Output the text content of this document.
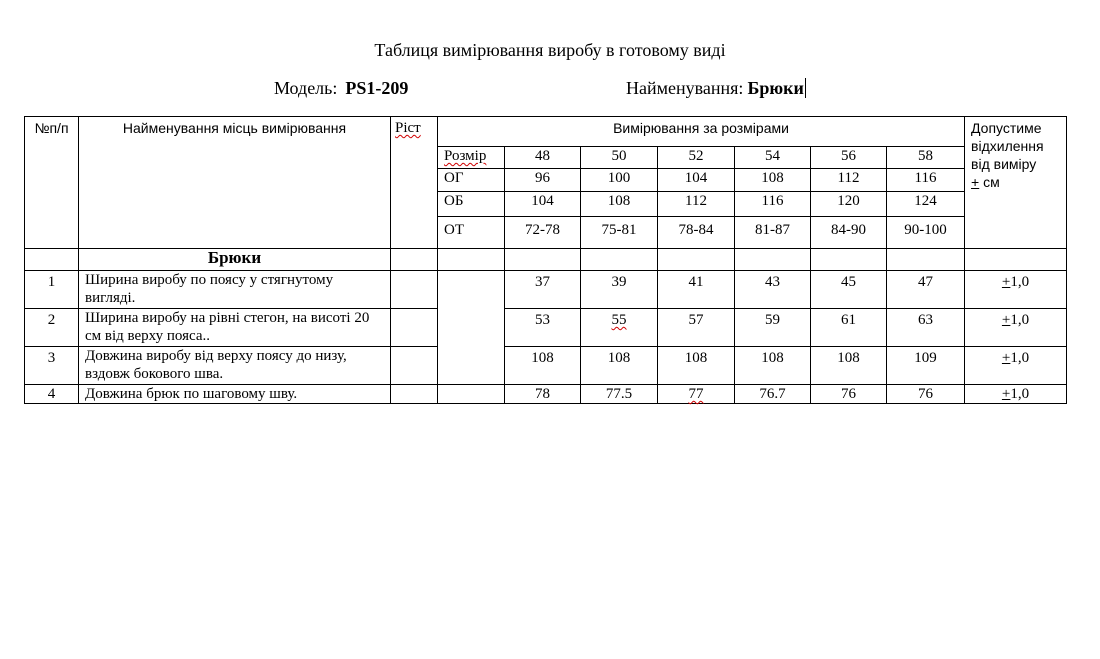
Таблиця вимірювання виробу в готовому виді
Модель: PS1-209	Найменування: Брюки
№п/п	Найменування місць вимірювання	Ріст	Вимірювання за розмірами							Допустиме
відхилення
від виміру
+ см

			Розмір	48	50	52	54	56	58	
			ОГ	96	100	104	108	112	116	
			ОБ	104	108	112	116	120	124	
			ОТ	72-78	75-81	78-84	81-87	84-90	90-100	
	Брюки									
1	Ширина виробу по поясу у стягнутому вигляді.			37	39	41	43	45	47	+1,0
2	Ширина виробу на рівні стегон, на висоті 20 см від верху пояса..			53	55	57	59	61	63	+1,0
3	Довжина виробу від верху поясу до низу, вздовж бокового шва.			108	108	108	108	108	109	+1,0
4	Довжина брюк по шаговому шву.			78	77.5	77	76.7	76	76	+1,0
